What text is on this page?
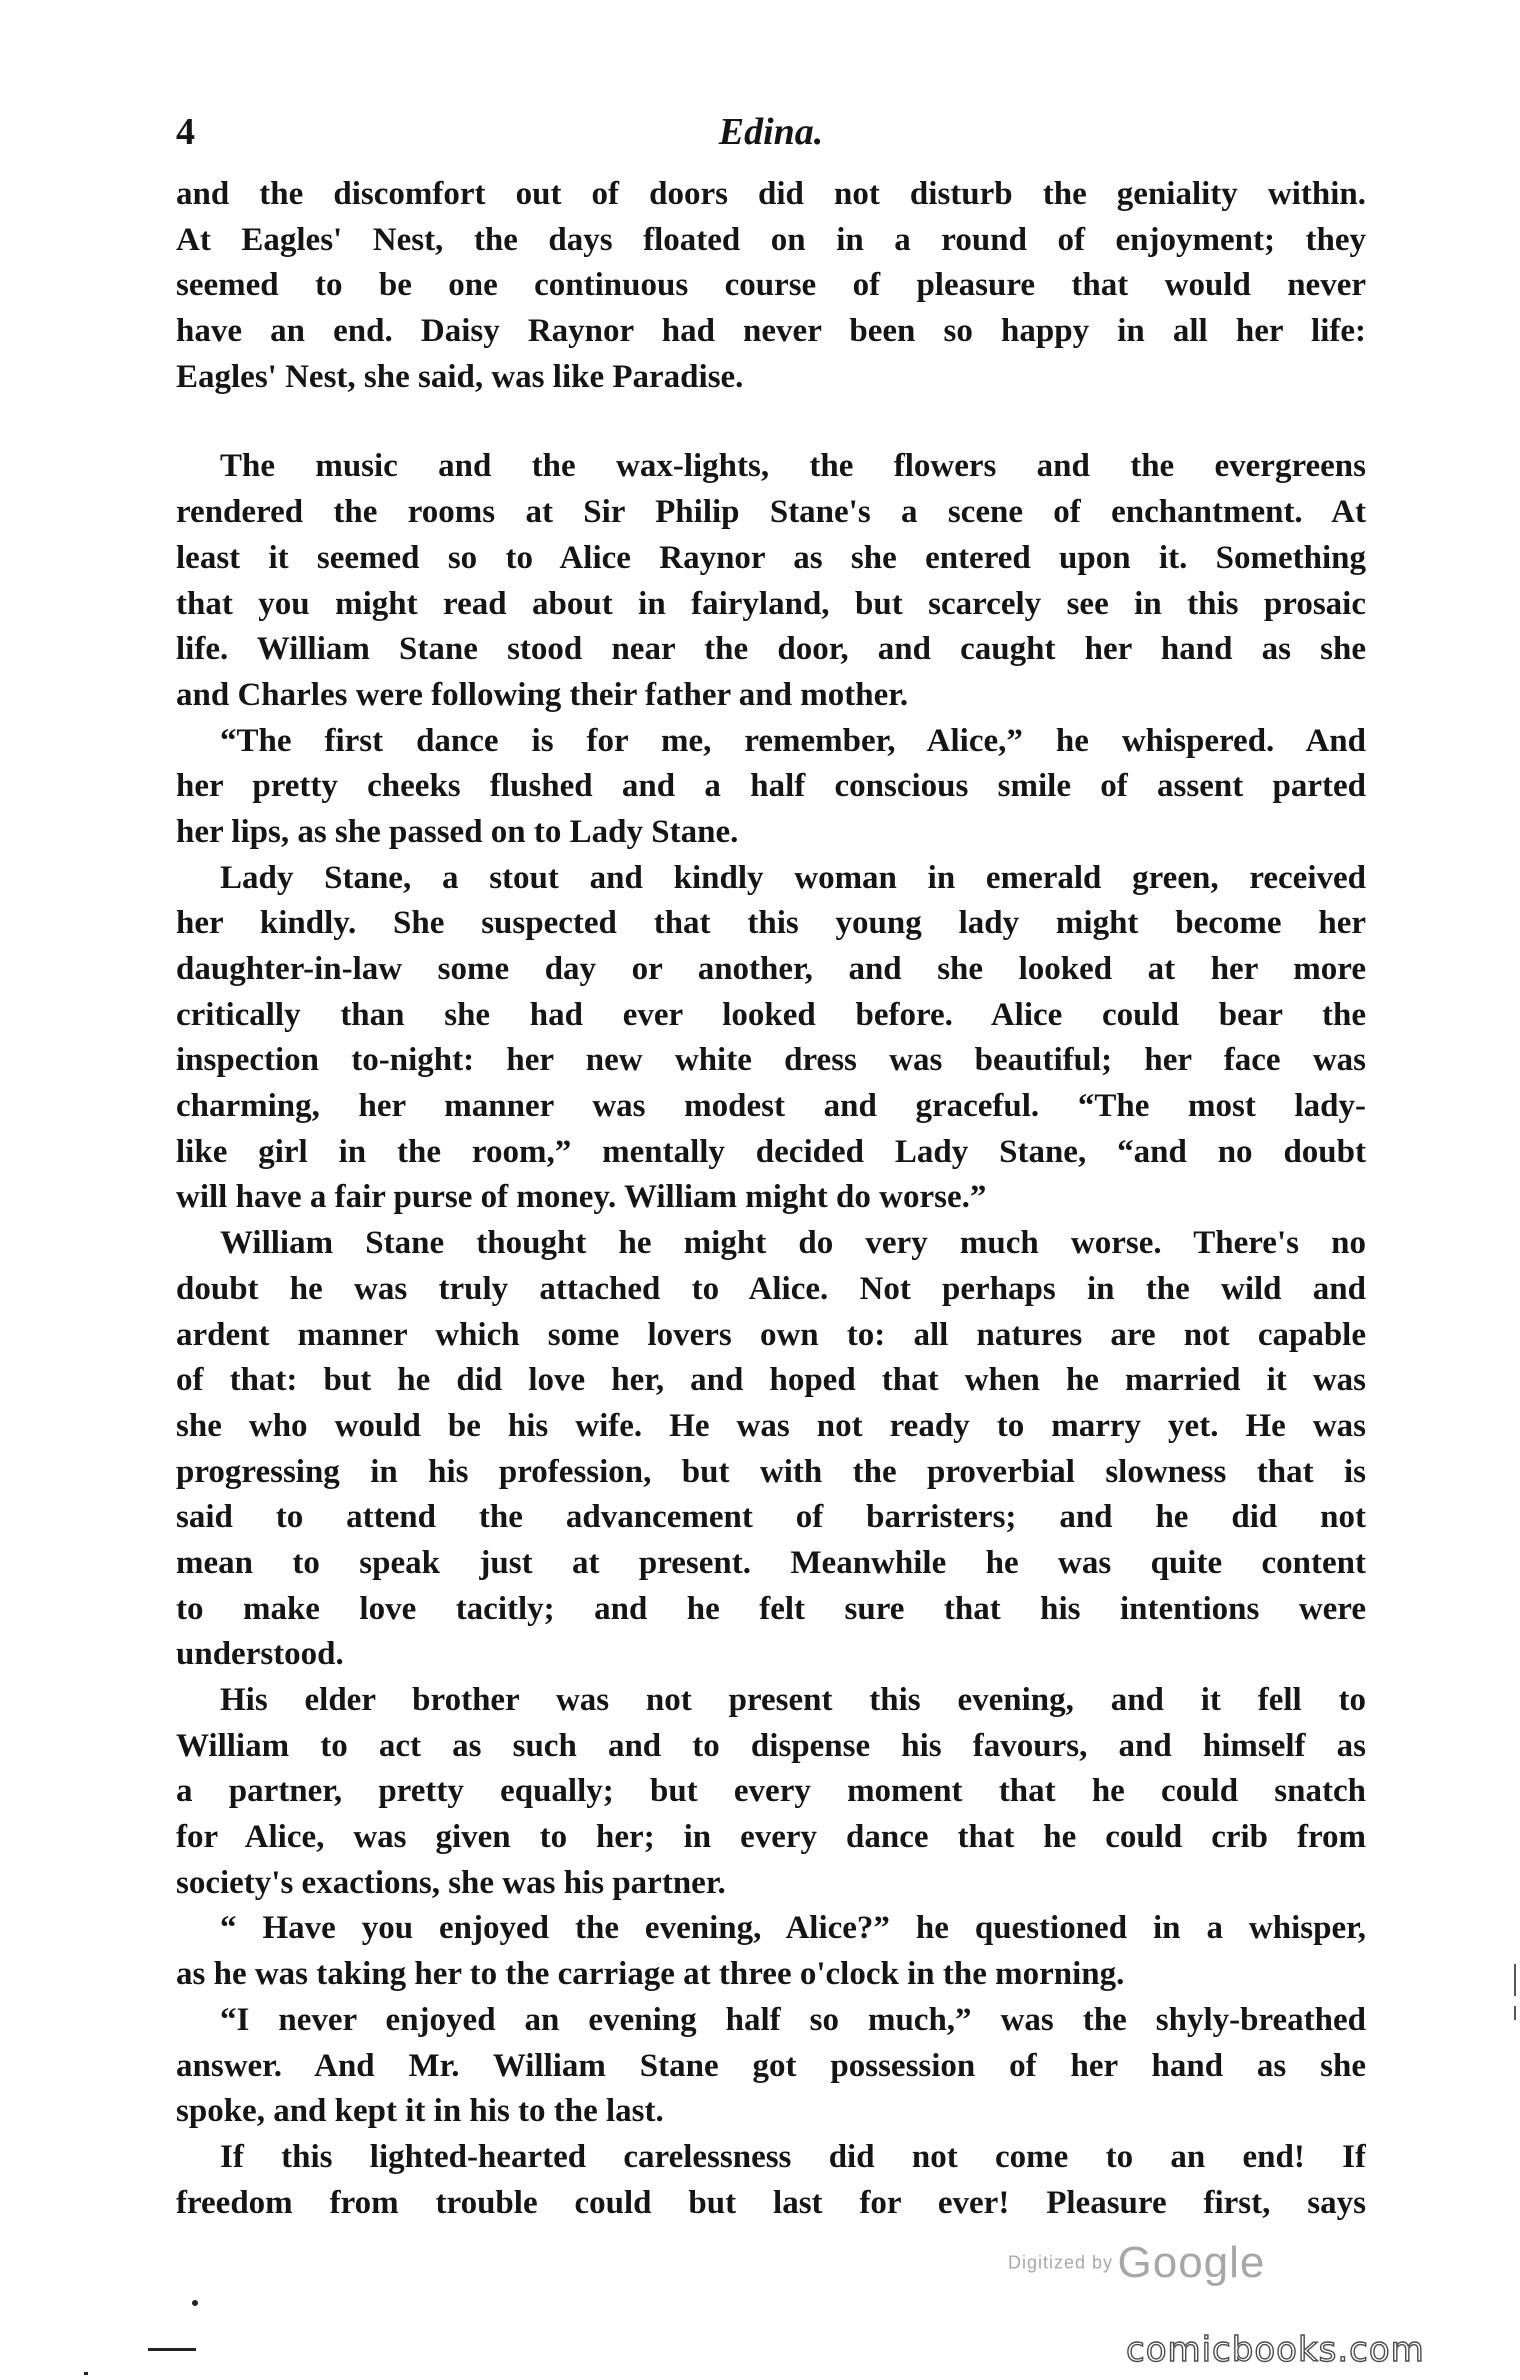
4	Edina.
and the discomfort out of doors did not disturb the geniality within.
At Eagles' Nest, the days floated on in a round of enjoyment; they
seemed to be one continuous course of pleasure that would never
have an end. Daisy Raynor had never been so happy in all her life:
Eagles' Nest, she said, was like Paradise.
The music and the wax-lights, the flowers and the evergreens
rendered the rooms at Sir Philip Stane's a scene of enchantment. At
least it seemed so to Alice Raynor as she entered upon it. Something
that you might read about in fairyland, but scarcely see in this prosaic
life. William Stane stood near the door, and caught her hand as she
and Charles were following their father and mother.
“The first dance is for me, remember, Alice,” he whispered. And
her pretty cheeks flushed and a half conscious smile of assent parted
her lips, as she passed on to Lady Stane.
Lady Stane, a stout and kindly woman in emerald green, received
her kindly. She suspected that this young lady might become her
daughter-in-law some day or another, and she looked at her more
critically than she had ever looked before. Alice could bear the
inspection to-night: her new white dress was beautiful; her face was
charming, her manner was modest and graceful. “The most lady-
like girl in the room,” mentally decided Lady Stane, “and no doubt
will have a fair purse of money. William might do worse.”
William Stane thought he might do very much worse. There's no
doubt he was truly attached to Alice. Not perhaps in the wild and
ardent manner which some lovers own to: all natures are not capable
of that: but he did love her, and hoped that when he married it was
she who would be his wife. He was not ready to marry yet. He was
progressing in his profession, but with the proverbial slowness that is
said to attend the advancement of barristers; and he did not
mean to speak just at present. Meanwhile he was quite content
to make love tacitly; and he felt sure that his intentions were
understood.
His elder brother was not present this evening, and it fell to
William to act as such and to dispense his favours, and himself as
a partner, pretty equally; but every moment that he could snatch
for Alice, was given to her; in every dance that he could crib from
society's exactions, she was his partner.
“ Have you enjoyed the evening, Alice?” he questioned in a whisper,
as he was taking her to the carriage at three o'clock in the morning.
“I never enjoyed an evening half so much,” was the shyly-breathed
answer. And Mr. William Stane got possession of her hand as she
spoke, and kept it in his to the last.
If this lighted-hearted carelessness did not come to an end! If
freedom from trouble could but last for ever! Pleasure first, says
Digitized by Google
comicbooks.com
